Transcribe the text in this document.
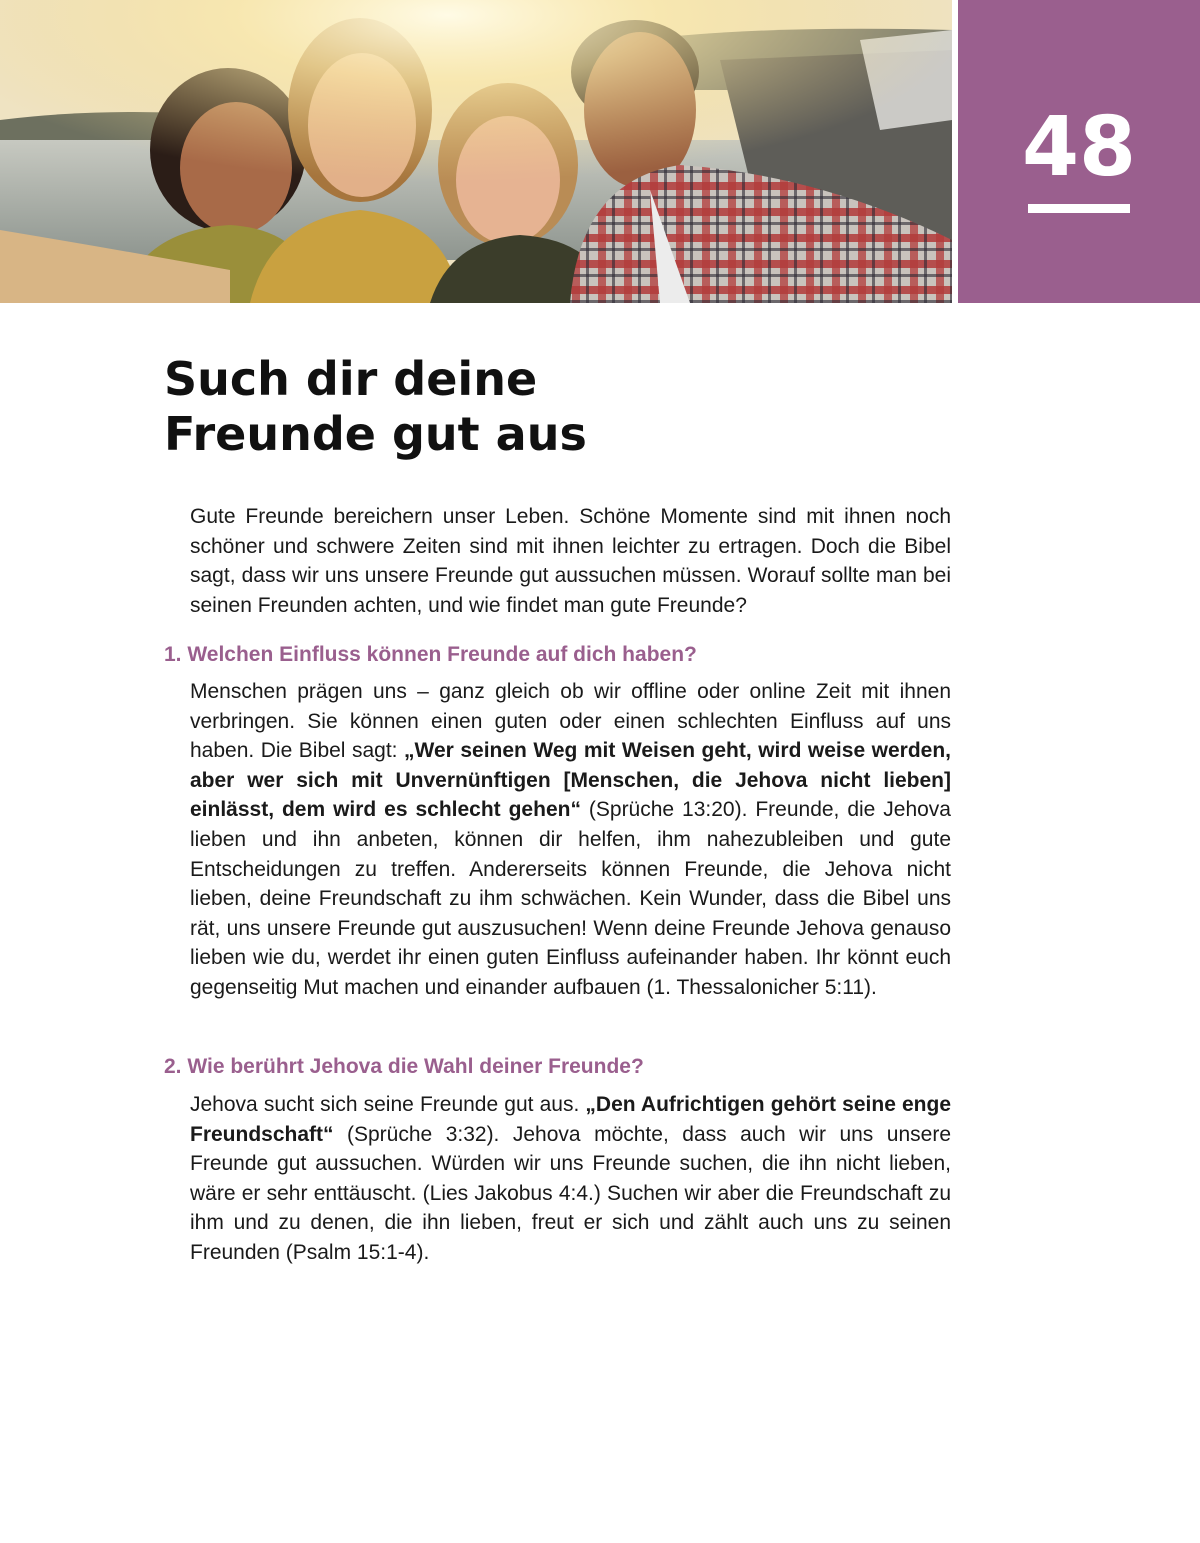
48
Such dir deine
Freunde gut aus

Gute Freunde bereichern unser Leben. Schöne Momente sind mit ihnen noch schöner und schwere Zeiten sind mit ihnen leichter zu ertragen. Doch die Bibel sagt, dass wir uns unsere Freunde gut aussuchen müssen. Worauf sollte man bei seinen Freunden achten, und wie findet man gute Freunde?

1. Welchen Einfluss können Freunde auf dich haben?

Menschen prägen uns – ganz gleich ob wir offline oder online Zeit mit ihnen verbringen. Sie können einen guten oder einen schlechten Einfluss auf uns haben. Die Bibel sagt: „Wer seinen Weg mit Weisen geht, wird weise werden, aber wer sich mit Unvernünftigen [Menschen, die Jehova nicht lieben] einlässt, dem wird es schlecht gehen“ (Sprüche 13:20). Freunde, die Jehova lieben und ihn anbeten, können dir helfen, ihm nahezubleiben und gute Entscheidungen zu treffen. Andererseits können Freunde, die Jehova nicht lieben, deine Freundschaft zu ihm schwächen. Kein Wunder, dass die Bibel uns rät, uns unsere Freunde gut auszusuchen! Wenn deine Freunde Jehova genauso lieben wie du, werdet ihr einen guten Einfluss aufeinander haben. Ihr könnt euch gegenseitig Mut machen und einander aufbauen (1. Thessalonicher 5:11).

2. Wie berührt Jehova die Wahl deiner Freunde?

Jehova sucht sich seine Freunde gut aus. „Den Aufrichtigen gehört seine enge Freundschaft“ (Sprüche 3:32). Jehova möchte, dass auch wir uns unsere Freunde gut aussuchen. Würden wir uns Freunde suchen, die ihn nicht lieben, wäre er sehr enttäuscht. (Lies Jakobus 4:4.) Suchen wir aber die Freundschaft zu ihm und zu denen, die ihn lieben, freut er sich und zählt auch uns zu seinen Freunden (Psalm 15:1-4).
